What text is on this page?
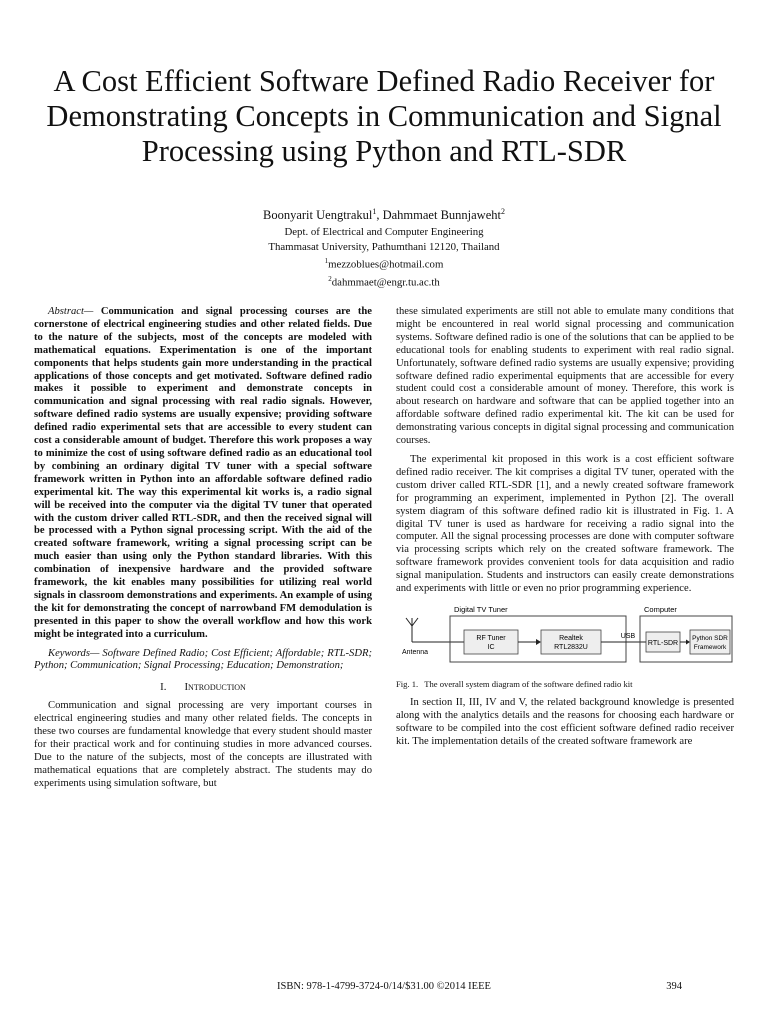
A Cost Efficient Software Defined Radio Receiver for Demonstrating Concepts in Communication and Signal Processing using Python and RTL-SDR
Boonyarit Uengtrakul$^1$, Dahmmaet Bunnjaweht$^2$
Dept. of Electrical and Computer Engineering
Thammasat University, Pathumthani 12120, Thailand
$^1$mezzoblues@hotmail.com
$^2$dahmmaet@engr.tu.ac.th

Abstract— Communication and signal processing courses are the cornerstone of electrical engineering studies and other related fields. Due to the nature of the subjects, most of the concepts are modeled with mathematical equations. Experimentation is one of the important components that helps students gain more understanding in the practical applications of those concepts and get motivated. Software defined radio makes it possible to experiment and demonstrate concepts in communication and signal processing with real radio signals. However, software defined radio systems are usually expensive; providing software defined radio experimental sets that are accessible to every student can cost a considerable amount of budget. Therefore this work proposes a way to minimize the cost of using software defined radio as an educational tool by combining an ordinary digital TV tuner with a special software framework written in Python into an affordable software defined radio experimental kit. The way this experimental kit works is, a radio signal will be received into the computer via the digital TV tuner that operated with the custom driver called RTL-SDR, and then the received signal will be processed with a Python signal processing script. With the aid of the created software framework, writing a signal processing script can be much easier than using only the Python standard libraries. With this combination of inexpensive hardware and the provided software framework, the kit enables many possibilities for utilizing real world signals in classroom demonstrations and experiments. An example of using the kit for demonstrating the concept of narrowband FM demodulation is presented in this paper to show the overall workflow and how this work might be integrated into a curriculum.

Keywords— Software Defined Radio; Cost Efficient; Affordable; RTL-SDR; Python; Communication; Signal Processing; Education; Demonstration;

I. Introduction

Communication and signal processing are very important courses in electrical engineering studies and many other related fields. The concepts in these two courses are fundamental knowledge that every student should master for their practical work and for continuing studies in more advanced courses. Due to the nature of the subjects, most of the concepts are illustrated with mathematical equations that are completely abstract. The students may do experiments using simulation software, but

these simulated experiments are still not able to emulate many conditions that might be encountered in real world signal processing and communication systems. Software defined radio is one of the solutions that can be applied to be educational tools for enabling students to experiment with real radio signal. Unfortunately, software defined radio systems are usually expensive; providing software defined radio experimental equipments that are accessible for every student could cost a considerable amount of money. Therefore, this work is about research on hardware and software that can be applied together into an affordable software defined radio experimental kit. The kit can be used for demonstrating various concepts in digital signal processing and communication courses.

The experimental kit proposed in this work is a cost efficient software defined radio receiver. The kit comprises a digital TV tuner, operated with the custom driver called RTL-SDR [1], and a newly created software framework for programming an experiment, implemented in Python [2]. The overall system diagram of this software defined radio kit is illustrated in Fig. 1. A digital TV tuner is used as hardware for receiving a radio signal into the computer. All the signal processing processes are done with computer software via processing scripts which rely on the created software framework. The software framework provides convenient tools for data acquisition and radio signal manipulation. Students and instructors can easily create demonstrations and experiments with little or even no prior programming experience.

Antenna
Digital TV Tuner
RF Tuner
IC
Realtek
RTL2832U
USB
Computer
RTL-SDR
Python SDR
Framework

Fig. 1. The overall system diagram of the software defined radio kit

In section II, III, IV and V, the related background knowledge is presented along with the analytics details and the reasons for choosing each hardware or software to be compiled into the cost efficient software defined radio receiver kit. The implementation details of the created software framework are

ISBN: 978-1-4799-3724-0/14/$31.00 ©2014 IEEE	394
